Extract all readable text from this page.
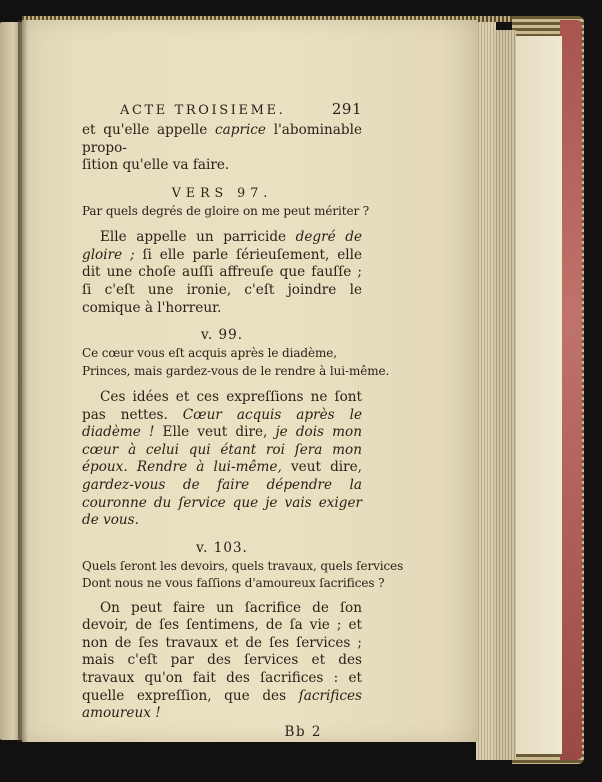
ACTE TROISIEME.	291

et qu'elle appelle caprice l'abominable propo-
ſition qu'elle va faire.

VERS 97.

Par quels degrés de gloire on me peut mériter ?

Elle appelle un parricide degré de gloire ; ſi elle parle ſérieuſement, elle dit une choſe auſſi affreuſe que fauſſe ; ſi c'eſt une ironie, c'eſt joindre le comique à l'horreur.

v. 99.

Ce cœur vous eſt acquis après le diadème,

Princes, mais gardez-vous de le rendre à lui-même.

Ces idées et ces expreſſions ne ſont pas nettes. Cœur acquis après le diadème ! Elle veut dire, je dois mon cœur à celui qui étant roi ſera mon époux. Rendre à lui-même, veut dire, gardez-vous de faire dépendre la couronne du ſervice que je vais exiger de vous.

v. 103.

Quels ſeront les devoirs, quels travaux, quels ſervices

Dont nous ne vous faſſions d'amoureux ſacrifices ?

On peut faire un ſacrifice de ſon devoir, de ſes ſentimens, de ſa vie ; et non de ſes travaux et de ſes ſervices ; mais c'eſt par des ſervices et des travaux qu'on fait des ſacrifices : et quelle expreſſion, que des ſacrifices amoureux !

Bb 2
